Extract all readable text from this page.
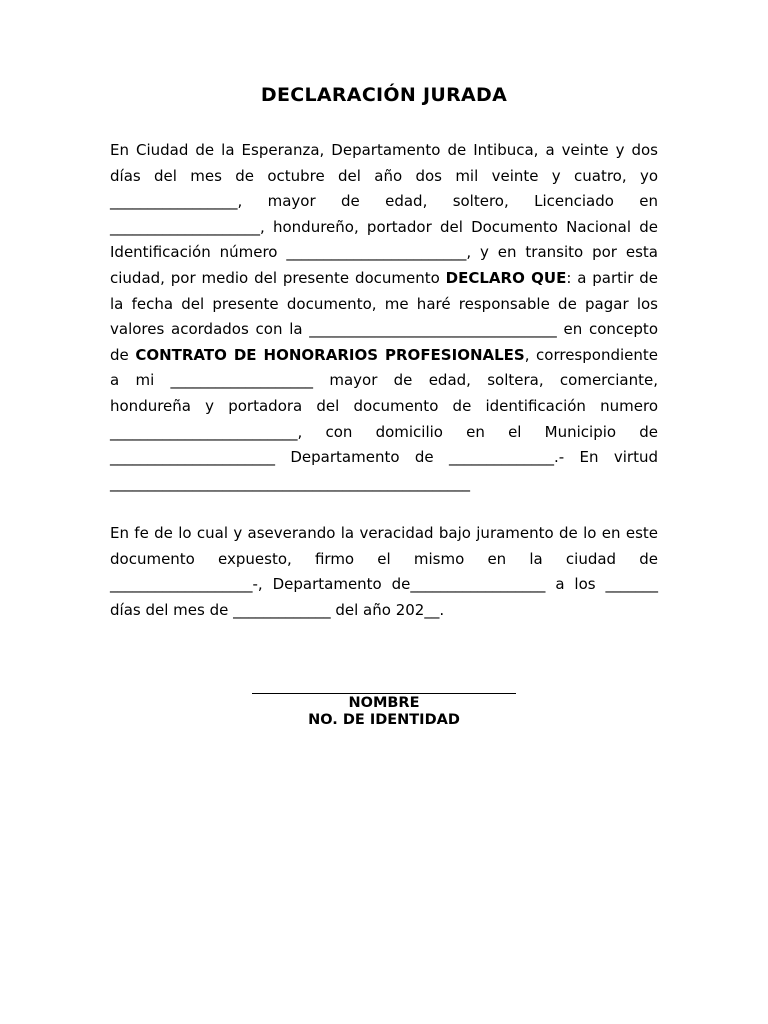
DECLARACIÓN JURADA
En Ciudad de la Esperanza, Departamento de Intibuca, a veinte y dos días del mes de octubre del año dos mil veinte y cuatro, yo _________________, mayor de edad, soltero, Licenciado en ____________________, hondureño, portador del Documento Nacional de Identificación número ________________________, y en transito por esta ciudad, por medio del presente documento DECLARO QUE: a partir de la fecha del presente documento, me haré responsable de pagar los valores acordados con la _________________________________ en concepto de CONTRATO DE HONORARIOS PROFESIONALES, correspondiente a mi ___________________ mayor de edad, soltera, comerciante, hondureña y portadora del documento de identificación numero _________________________, con domicilio en el Municipio de ______________________ Departamento de ______________.- En virtud ________________________________________________
En fe de lo cual y aseverando la veracidad bajo juramento de lo en este documento expuesto, firmo el mismo en la ciudad de ___________________-, Departamento de__________________ a los _______ días del mes de _____________ del año 202__.
NOMBRE
NO. DE IDENTIDAD
